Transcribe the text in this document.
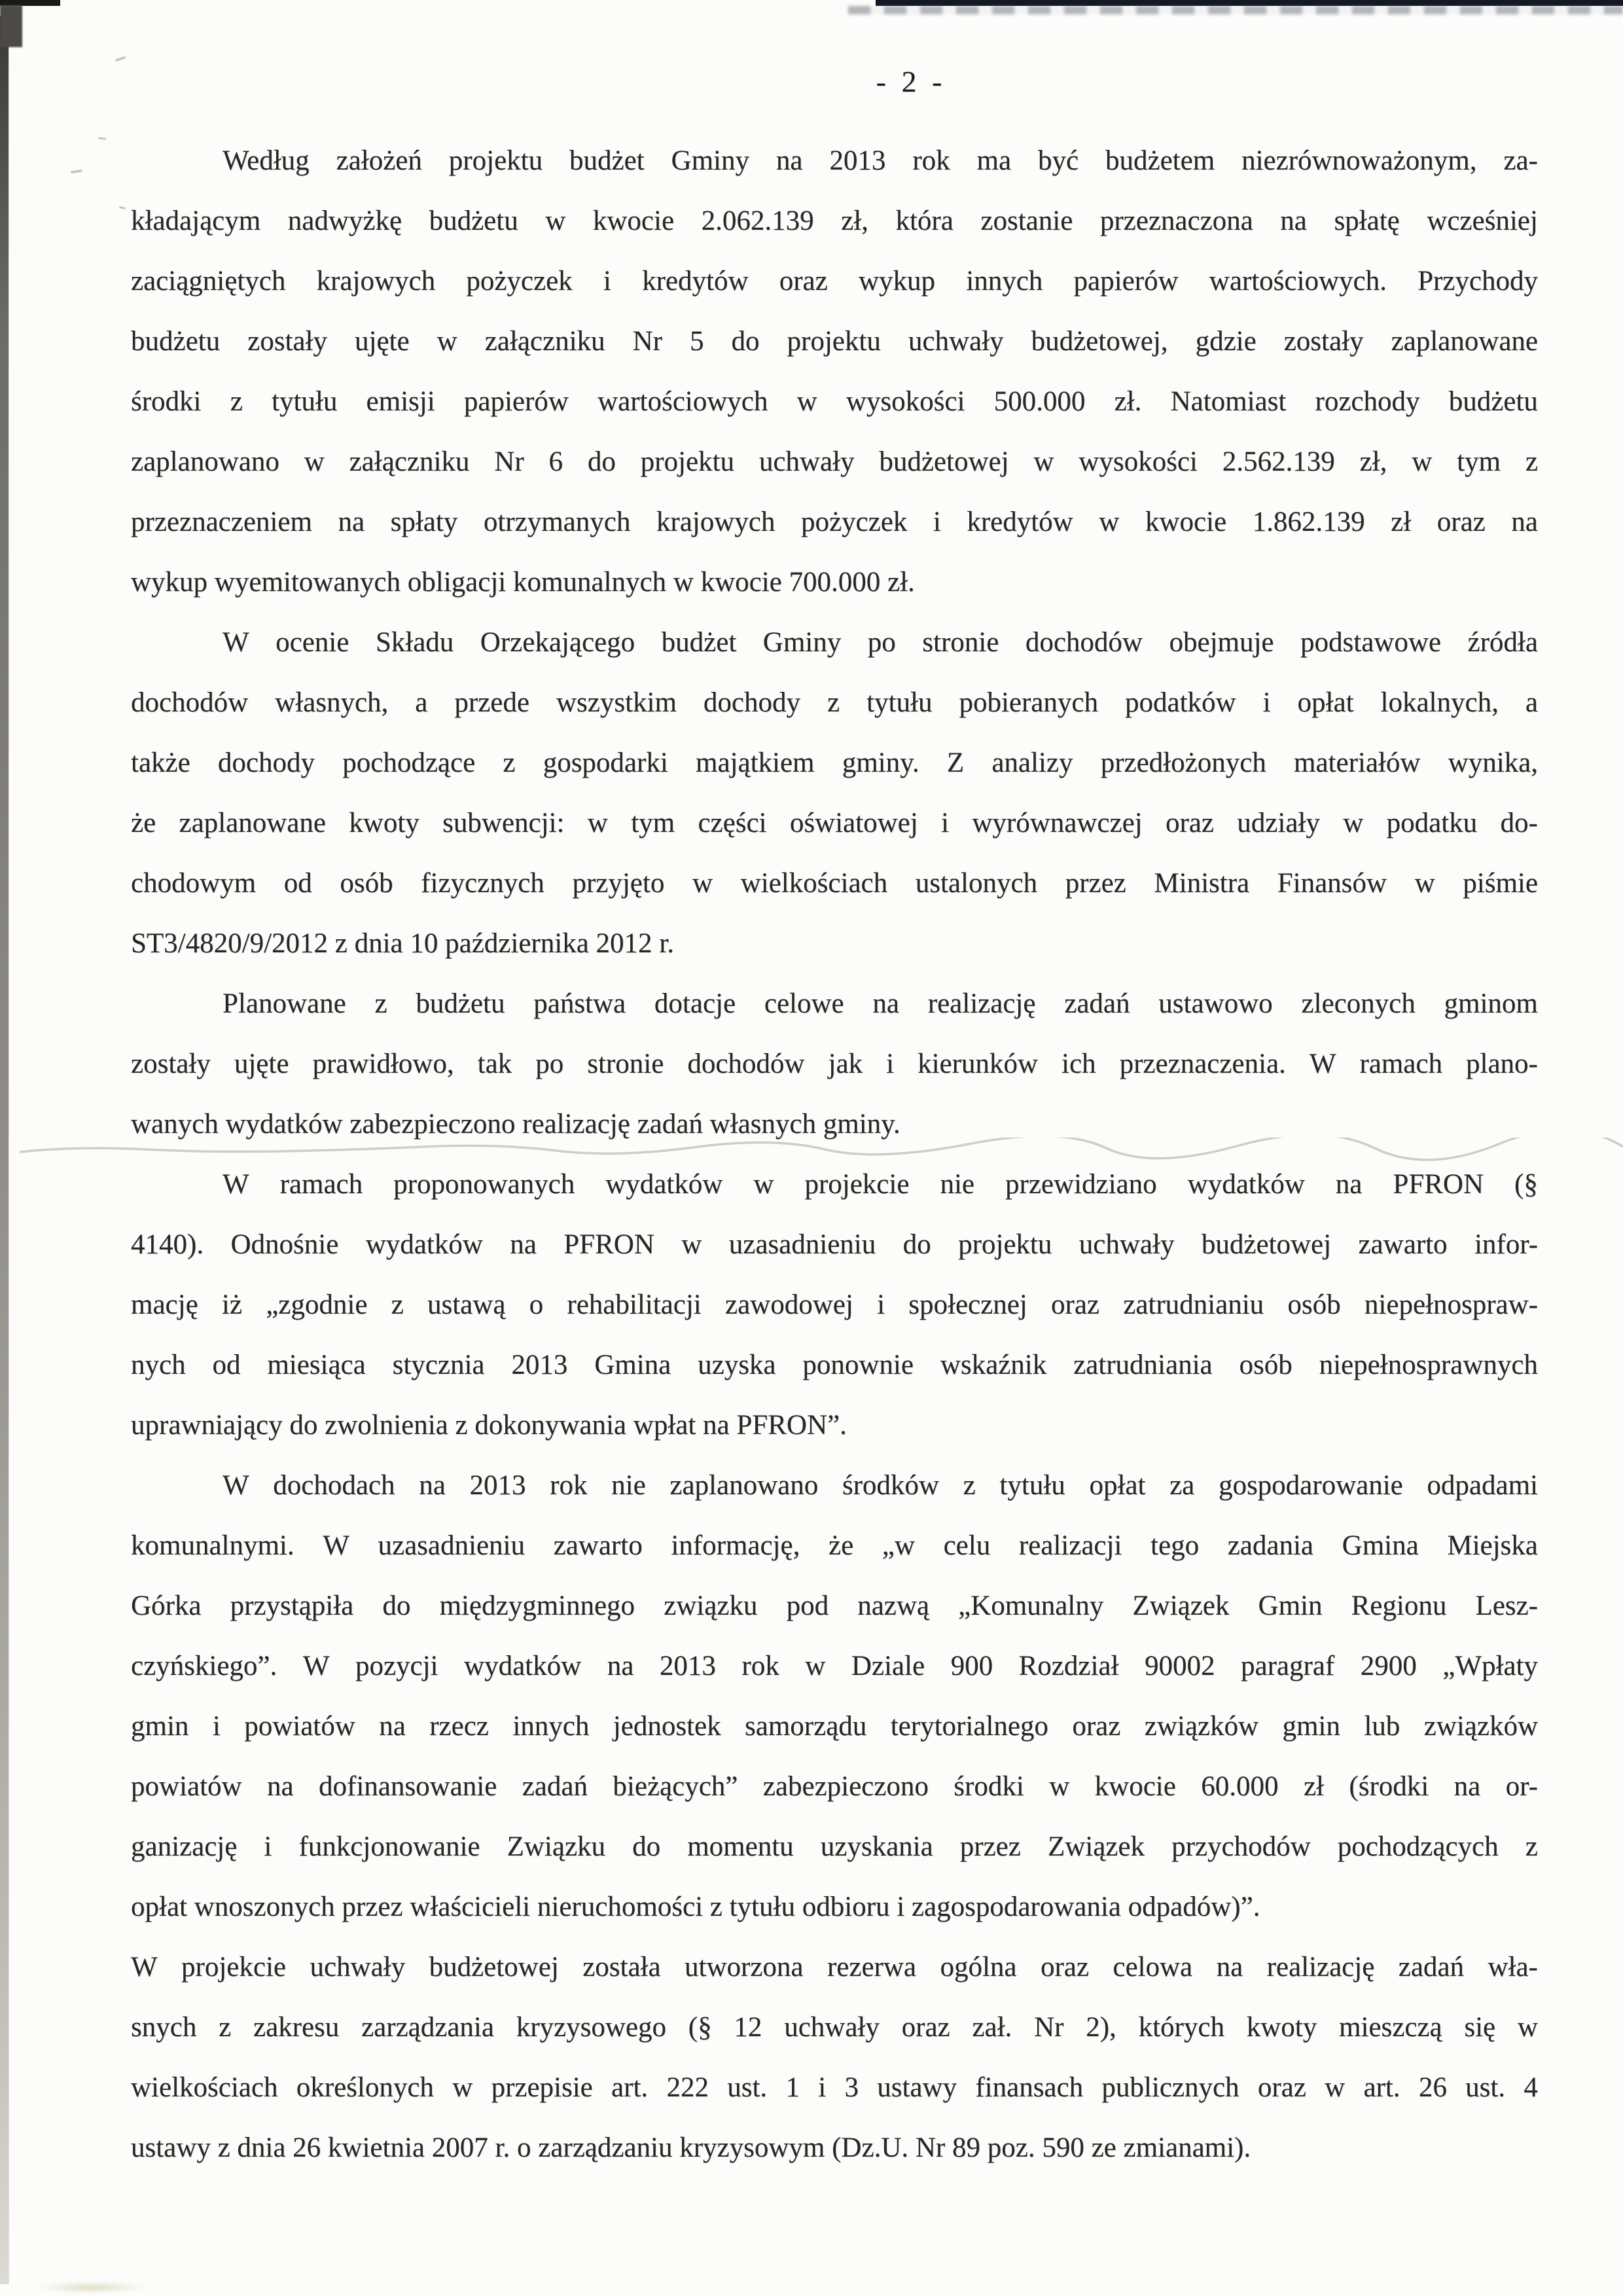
- 2 -
Według założeń projektu budżet Gminy na 2013 rok ma być budżetem niezrównoważonym, za-
kładającym nadwyżkę budżetu w kwocie 2.062.139 zł, która zostanie przeznaczona na spłatę wcześniej
zaciągniętych krajowych pożyczek i kredytów oraz wykup innych papierów wartościowych. Przychody
budżetu zostały ujęte w załączniku Nr 5 do projektu uchwały budżetowej, gdzie zostały zaplanowane
środki z tytułu emisji papierów wartościowych w wysokości 500.000 zł. Natomiast rozchody budżetu
zaplanowano w załączniku Nr 6 do projektu uchwały budżetowej w wysokości 2.562.139 zł, w tym z
przeznaczeniem na spłaty otrzymanych krajowych pożyczek i kredytów w kwocie 1.862.139 zł oraz na
wykup wyemitowanych obligacji komunalnych w kwocie 700.000 zł.
W ocenie Składu Orzekającego budżet Gminy po stronie dochodów obejmuje podstawowe źródła
dochodów własnych, a przede wszystkim dochody z tytułu pobieranych podatków i opłat lokalnych, a
także dochody pochodzące z gospodarki majątkiem gminy. Z analizy przedłożonych materiałów wynika,
że zaplanowane kwoty subwencji: w tym części oświatowej i wyrównawczej oraz udziały w podatku do-
chodowym od osób fizycznych przyjęto w wielkościach ustalonych przez Ministra Finansów w piśmie
ST3/4820/9/2012 z dnia 10 października 2012 r.
Planowane z budżetu państwa dotacje celowe na realizację zadań ustawowo zleconych gminom
zostały ujęte prawidłowo, tak po stronie dochodów jak i kierunków ich przeznaczenia. W ramach plano-
wanych wydatków zabezpieczono realizację zadań własnych gminy.
W ramach proponowanych wydatków w projekcie nie przewidziano wydatków na PFRON (§
4140). Odnośnie wydatków na PFRON w uzasadnieniu do projektu uchwały budżetowej zawarto infor-
mację iż „zgodnie z ustawą o rehabilitacji zawodowej i społecznej oraz zatrudnianiu osób niepełnospraw-
nych od miesiąca stycznia 2013 Gmina uzyska ponownie wskaźnik zatrudniania osób niepełnosprawnych
uprawniający do zwolnienia z dokonywania wpłat na PFRON”.
W dochodach na 2013 rok nie zaplanowano środków z tytułu opłat za gospodarowanie odpadami
komunalnymi. W uzasadnieniu zawarto informację, że „w celu realizacji tego zadania Gmina Miejska
Górka przystąpiła do międzygminnego związku pod nazwą „Komunalny Związek Gmin Regionu Lesz-
czyńskiego”. W pozycji wydatków na 2013 rok w Dziale 900 Rozdział 90002 paragraf 2900 „Wpłaty
gmin i powiatów na rzecz innych jednostek samorządu terytorialnego oraz związków gmin lub związków
powiatów na dofinansowanie zadań bieżących” zabezpieczono środki w kwocie 60.000 zł (środki na or-
ganizację i funkcjonowanie Związku do momentu uzyskania przez Związek przychodów pochodzących z
opłat wnoszonych przez właścicieli nieruchomości z tytułu odbioru i zagospodarowania odpadów)”.
W projekcie uchwały budżetowej została utworzona rezerwa ogólna oraz celowa na realizację zadań wła-
snych z zakresu zarządzania kryzysowego (§ 12 uchwały oraz zał. Nr 2), których kwoty mieszczą się w
wielkościach określonych w przepisie art. 222 ust. 1 i 3 ustawy finansach publicznych oraz w art. 26 ust. 4
ustawy z dnia 26 kwietnia 2007 r. o zarządzaniu kryzysowym (Dz.U. Nr 89 poz. 590 ze zmianami).
